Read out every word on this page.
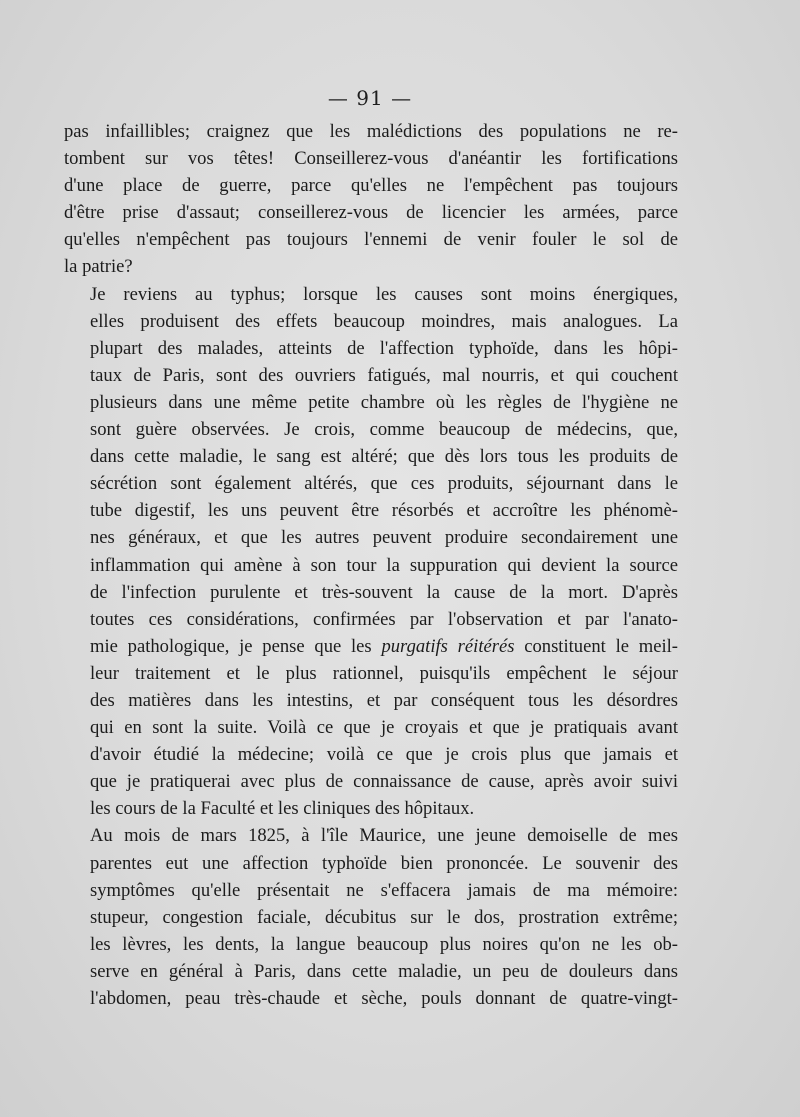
— 91 —
pas infaillibles; craignez que les malédictions des populations ne re-
tombent sur vos têtes! Conseillerez-vous d'anéantir les fortifications
d'une place de guerre, parce qu'elles ne l'empêchent pas toujours
d'être prise d'assaut; conseillerez-vous de licencier les armées, parce
qu'elles n'empêchent pas toujours l'ennemi de venir fouler le sol de
la patrie?
Je reviens au typhus; lorsque les causes sont moins énergiques,
elles produisent des effets beaucoup moindres, mais analogues. La
plupart des malades, atteints de l'affection typhoïde, dans les hôpi-
taux de Paris, sont des ouvriers fatigués, mal nourris, et qui couchent
plusieurs dans une même petite chambre où les règles de l'hygiène ne
sont guère observées. Je crois, comme beaucoup de médecins, que,
dans cette maladie, le sang est altéré; que dès lors tous les produits de
sécrétion sont également altérés, que ces produits, séjournant dans le
tube digestif, les uns peuvent être résorbés et accroître les phénomè-
nes généraux, et que les autres peuvent produire secondairement une
inflammation qui amène à son tour la suppuration qui devient la source
de l'infection purulente et très-souvent la cause de la mort. D'après
toutes ces considérations, confirmées par l'observation et par l'anato-
mie pathologique, je pense que les purgatifs réitérés constituent le meil-
leur traitement et le plus rationnel, puisqu'ils empêchent le séjour
des matières dans les intestins, et par conséquent tous les désordres
qui en sont la suite. Voilà ce que je croyais et que je pratiquais avant
d'avoir étudié la médecine; voilà ce que je crois plus que jamais et
que je pratiquerai avec plus de connaissance de cause, après avoir suivi
les cours de la Faculté et les cliniques des hôpitaux.
Au mois de mars 1825, à l'île Maurice, une jeune demoiselle de mes
parentes eut une affection typhoïde bien prononcée. Le souvenir des
symptômes qu'elle présentait ne s'effacera jamais de ma mémoire:
stupeur, congestion faciale, décubitus sur le dos, prostration extrême;
les lèvres, les dents, la langue beaucoup plus noires qu'on ne les ob-
serve en général à Paris, dans cette maladie, un peu de douleurs dans
l'abdomen, peau très-chaude et sèche, pouls donnant de quatre-vingt-
